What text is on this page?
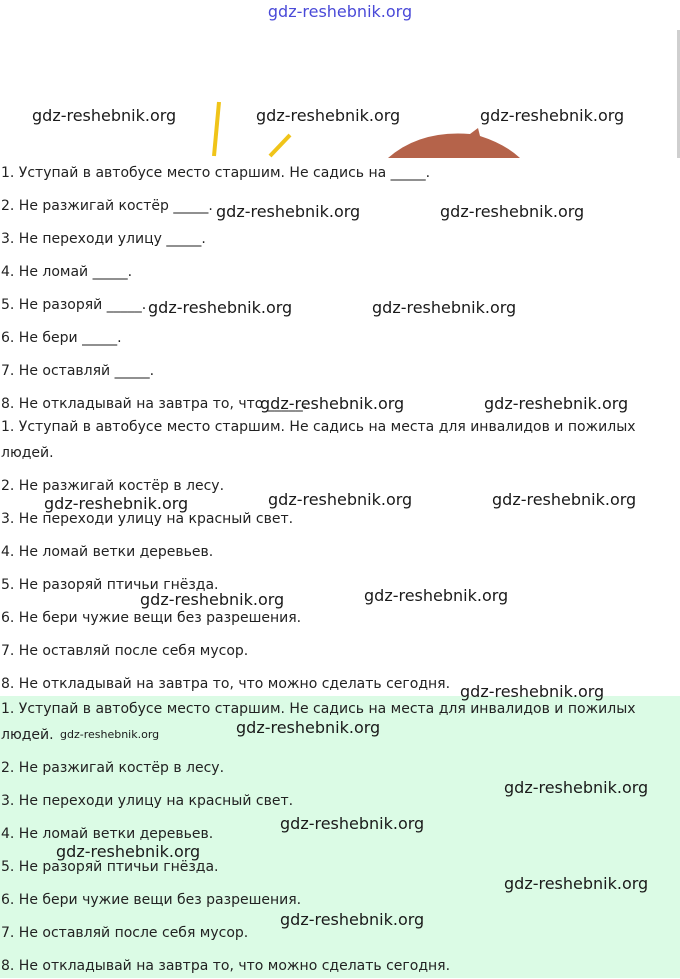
gdz-reshebnik.org

1. Уступай в автобусе место старшим. Не садись на _____.

2. Не разжигай костёр _____.

3. Не переходи улицу _____.

4. Не ломай _____.

5. Не разоряй _____.

6. Не бери _____.

7. Не оставляй _____.

8. Не откладывай на завтра то, что _____.

1. Уступай в автобусе место старшим. Не садись на места для инвалидов и пожилых людей.

2. Не разжигай костёр в лесу.

3. Не переходи улицу на красный свет.

4. Не ломай ветки деревьев.

5. Не разоряй птичьи гнёзда.

6. Не бери чужие вещи без разрешения.

7. Не оставляй после себя мусор.

8. Не откладывай на завтра то, что можно сделать сегодня.

1. Уступай в автобусе место старшим. Не садись на места для инвалидов и пожилых людей.

2. Не разжигай костёр в лесу.

3. Не переходи улицу на красный свет.

4. Не ломай ветки деревьев.

5. Не разоряй птичьи гнёзда.

6. Не бери чужие вещи без разрешения.

7. Не оставляй после себя мусор.

8. Не откладывай на завтра то, что можно сделать сегодня.

gdz-reshebnik.org	gdz-reshebnik.org	gdz-reshebnik.org
gdz-reshebnik.org	gdz-reshebnik.org
gdz-reshebnik.org	gdz-reshebnik.org
gdz-reshebnik.org	gdz-reshebnik.org
gdz-reshebnik.org	gdz-reshebnik.org	gdz-reshebnik.org
gdz-reshebnik.org	gdz-reshebnik.org
gdz-reshebnik.org
gdz-reshebnik.org	gdz-reshebnik.org
gdz-reshebnik.org
gdz-reshebnik.org
gdz-reshebnik.org
gdz-reshebnik.org
gdz-reshebnik.org
